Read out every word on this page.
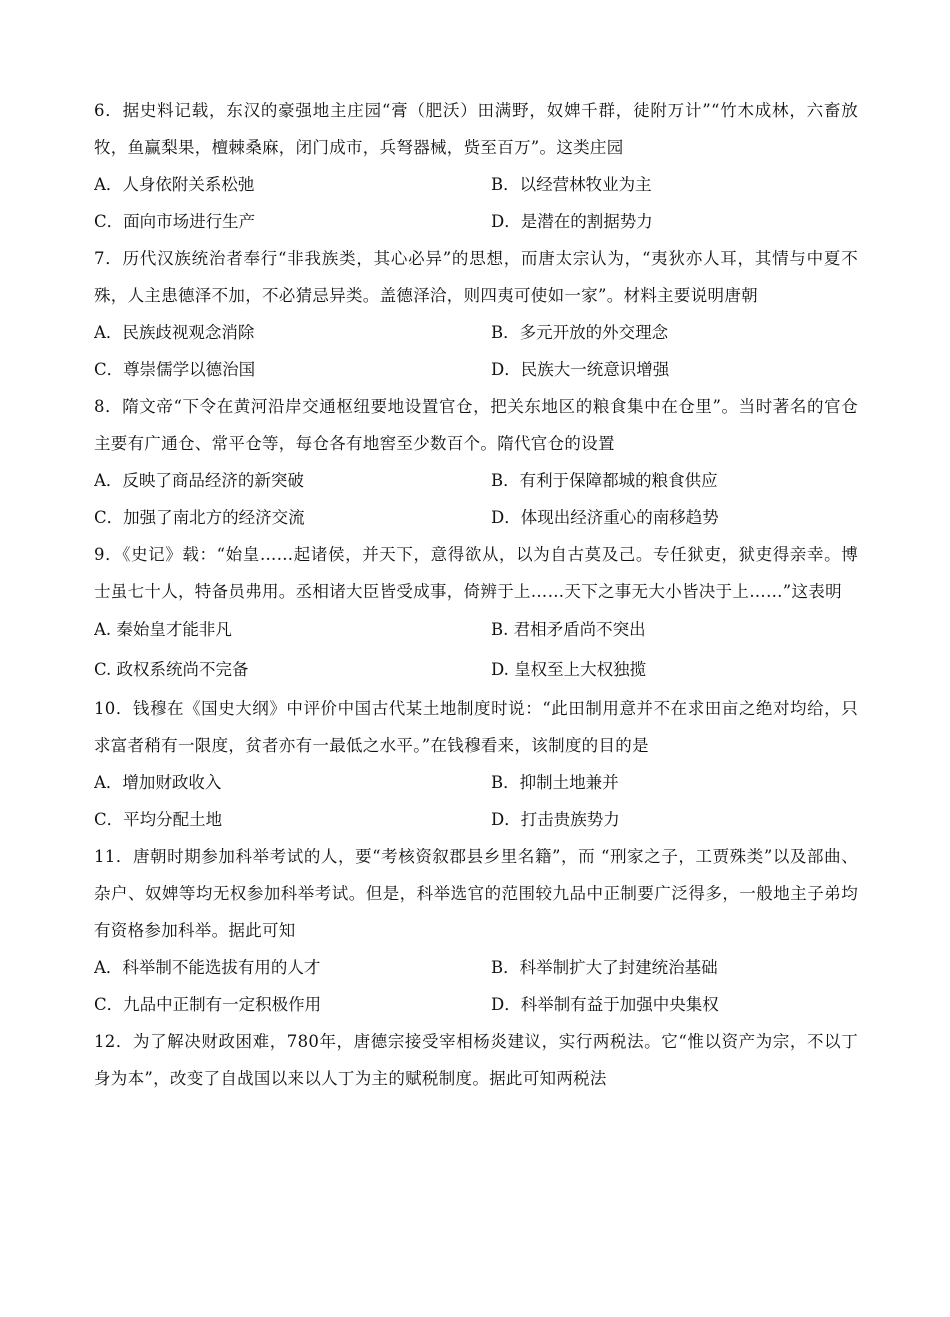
6．据史料记载，东汉的豪强地主庄园“膏（肥沃）田满野，奴婢千群，徒附万计”“竹木成林，六畜放牧，鱼赢梨果，檀棘桑麻，闭门成市，兵弩器械，赀至百万”。这类庄园

A．人身依附关系松弛	B．以经营林牧业为主
C．面向市场进行生产	D．是潜在的割据势力

7．历代汉族统治者奉行“非我族类，其心必异”的思想，而唐太宗认为，“夷狄亦人耳，其情与中夏不殊，人主患德泽不加，不必猜忌异类。盖德泽洽，则四夷可使如一家”。材料主要说明唐朝

A．民族歧视观念消除	B．多元开放的外交理念
C．尊崇儒学以德治国	D．民族大一统意识增强

8．隋文帝“下令在黄河沿岸交通枢纽要地设置官仓，把关东地区的粮食集中在仓里”。当时著名的官仓主要有广通仓、常平仓等，每仓各有地窖至少数百个。隋代官仓的设置

A．反映了商品经济的新突破	B．有利于保障都城的粮食供应
C．加强了南北方的经济交流	D．体现出经济重心的南移趋势

9．《史记》载：“始皇……起诸侯，并天下，意得欲从，以为自古莫及己。专任狱吏，狱吏得亲幸。博士虽七十人，特备员弗用。丞相诸大臣皆受成事，倚辨于上……天下之事无大小皆决于上……”这表明

A. 秦始皇才能非凡	B. 君相矛盾尚不突出
C. 政权系统尚不完备	D. 皇权至上大权独揽

10．钱穆在《国史大纲》中评价中国古代某土地制度时说：“此田制用意并不在求田亩之绝对均给，只求富者稍有一限度，贫者亦有一最低之水平。”在钱穆看来，该制度的目的是

A．增加财政收入	B．抑制土地兼并
C．平均分配土地	D．打击贵族势力

11．唐朝时期参加科举考试的人，要“考核资叙郡县乡里名籍”，而 “刑家之子，工贾殊类”以及部曲、杂户、奴婢等均无权参加科举考试。但是，科举选官的范围较九品中正制要广泛得多，一般地主子弟均有资格参加科举。据此可知

A．科举制不能选拔有用的人才	B．科举制扩大了封建统治基础
C．九品中正制有一定积极作用	D．科举制有益于加强中央集权

12．为了解决财政困难，780年，唐德宗接受宰相杨炎建议，实行两税法。它“惟以资产为宗，不以丁身为本”，改变了自战国以来以人丁为主的赋税制度。据此可知两税法
